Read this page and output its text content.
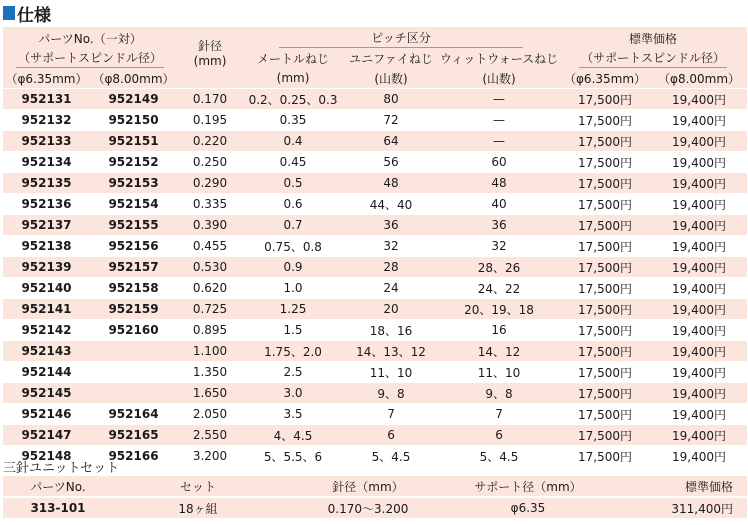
仕様
パーツNo.（一対）		針径
(mm)	ピッチ区分			標準価格	
（サポートスピンドル径）			メートルねじ	ユニファイねじ	ウィットウォースねじ	（サポートスピンドル径）	
（φ6.35mm）	（φ8.00mm）		(mm)	(山数)	(山数)	（φ6.35mm）	（φ8.00mm）
952131	952149	0.170	0.2、0.25、0.3	80	—	17,500円	19,400円
952132	952150	0.195	0.35	72	—	17,500円	19,400円
952133	952151	0.220	0.4	64	—	17,500円	19,400円
952134	952152	0.250	0.45	56	60	17,500円	19,400円
952135	952153	0.290	0.5	48	48	17,500円	19,400円
952136	952154	0.335	0.6	44、40	40	17,500円	19,400円
952137	952155	0.390	0.7	36	36	17,500円	19,400円
952138	952156	0.455	0.75、0.8	32	32	17,500円	19,400円
952139	952157	0.530	0.9	28	28、26	17,500円	19,400円
952140	952158	0.620	1.0	24	24、22	17,500円	19,400円
952141	952159	0.725	1.25	20	20、19、18	17,500円	19,400円
952142	952160	0.895	1.5	18、16	16	17,500円	19,400円
952143		1.100	1.75、2.0	14、13、12	14、12	17,500円	19,400円
952144		1.350	2.5	11、10	11、10	17,500円	19,400円
952145		1.650	3.0	9、8	9、8	17,500円	19,400円
952146	952164	2.050	3.5	7	7	17,500円	19,400円
952147	952165	2.550	4、4.5	6	6	17,500円	19,400円
952148	952166	3.200	5、5.5、6	5、4.5	5、4.5	17,500円	19,400円
三針ユニットセット
パーツNo.	セット	針径（mm）	サポート径（mm）	標準価格
313-101	18ヶ組	0.170〜3.200	φ6.35	311,400円
